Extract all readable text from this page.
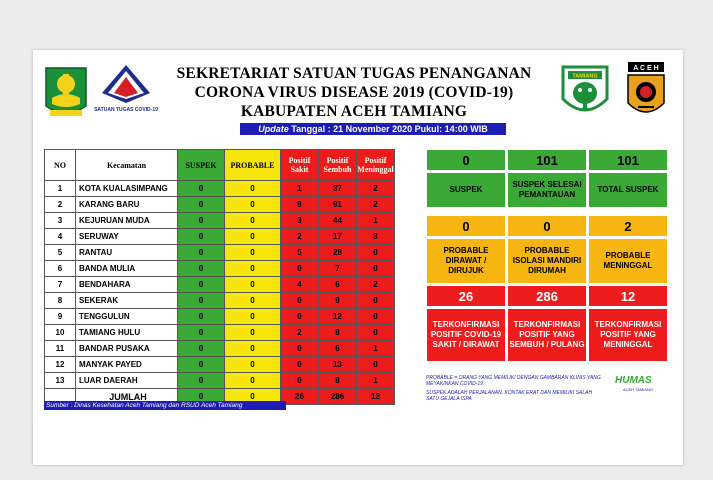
SATUAN TUGAS COVID-19
SEKRETARIAT SATUAN TUGAS PENANGANAN
CORONA VIRUS DISEASE 2019 (COVID-19)
KABUPATEN ACEH TAMIANG
TAMIANG
A C E H
Update Tanggal : 21 November 2020 Pukul: 14:00 WIB
NO	Kecamatan	SUSPEK	PROBABLE	Positif Sakit	Positif Sembuh	Positif Meninggal
1	KOTA KUALASIMPANG	0	0	1	37	2
2	KARANG BARU	0	0	9	91	2
3	KEJURUAN MUDA	0	0	3	44	1
4	SERUWAY	0	0	2	17	3
5	RANTAU	0	0	5	28	0
6	BANDA MULIA	0	0	0	7	0
7	BENDAHARA	0	0	4	6	2
8	SEKERAK	0	0	0	9	0
9	TENGGULUN	0	0	0	12	0
10	TAMIANG HULU	0	0	2	8	0
11	BANDAR PUSAKA	0	0	0	6	1
12	MANYAK PAYED	0	0	0	13	0
13	LUAR DAERAH	0	0	0	8	1
	JUMLAH	0	0	26	286	12
Sumber : Dinas Kesehatan Aceh Tamiang dan RSUD Aceh Tamiang
0	101	101
SUSPEK
SUSPEK SELESAI PEMANTAUAN
TOTAL SUSPEK
0	0	2
PROBABLE DIRAWAT / DIRUJUK
PROBABLE ISOLASI MANDIRI DIRUMAH
PROBABLE MENINGGAL
26	286	12
TERKONFIRMASI POSITIF COVID-19 SAKIT / DIRAWAT
TERKONFIRMASI POSITIF YANG SEMBUH / PULANG
TERKONFIRMASI POSITIF YANG MENINGGAL
PROBABLE = ORANG YANG MEMILIKI DENGAN GAMBARAN KLINIS YANG MEYAKINKAN COVID-19
SUSPEK ADALAH PERJALANAN, KONTAK ERAT DAN MEMILIKI SALAH SATU GEJALA ISPA
HUMAS
ACEH TAMIANG
